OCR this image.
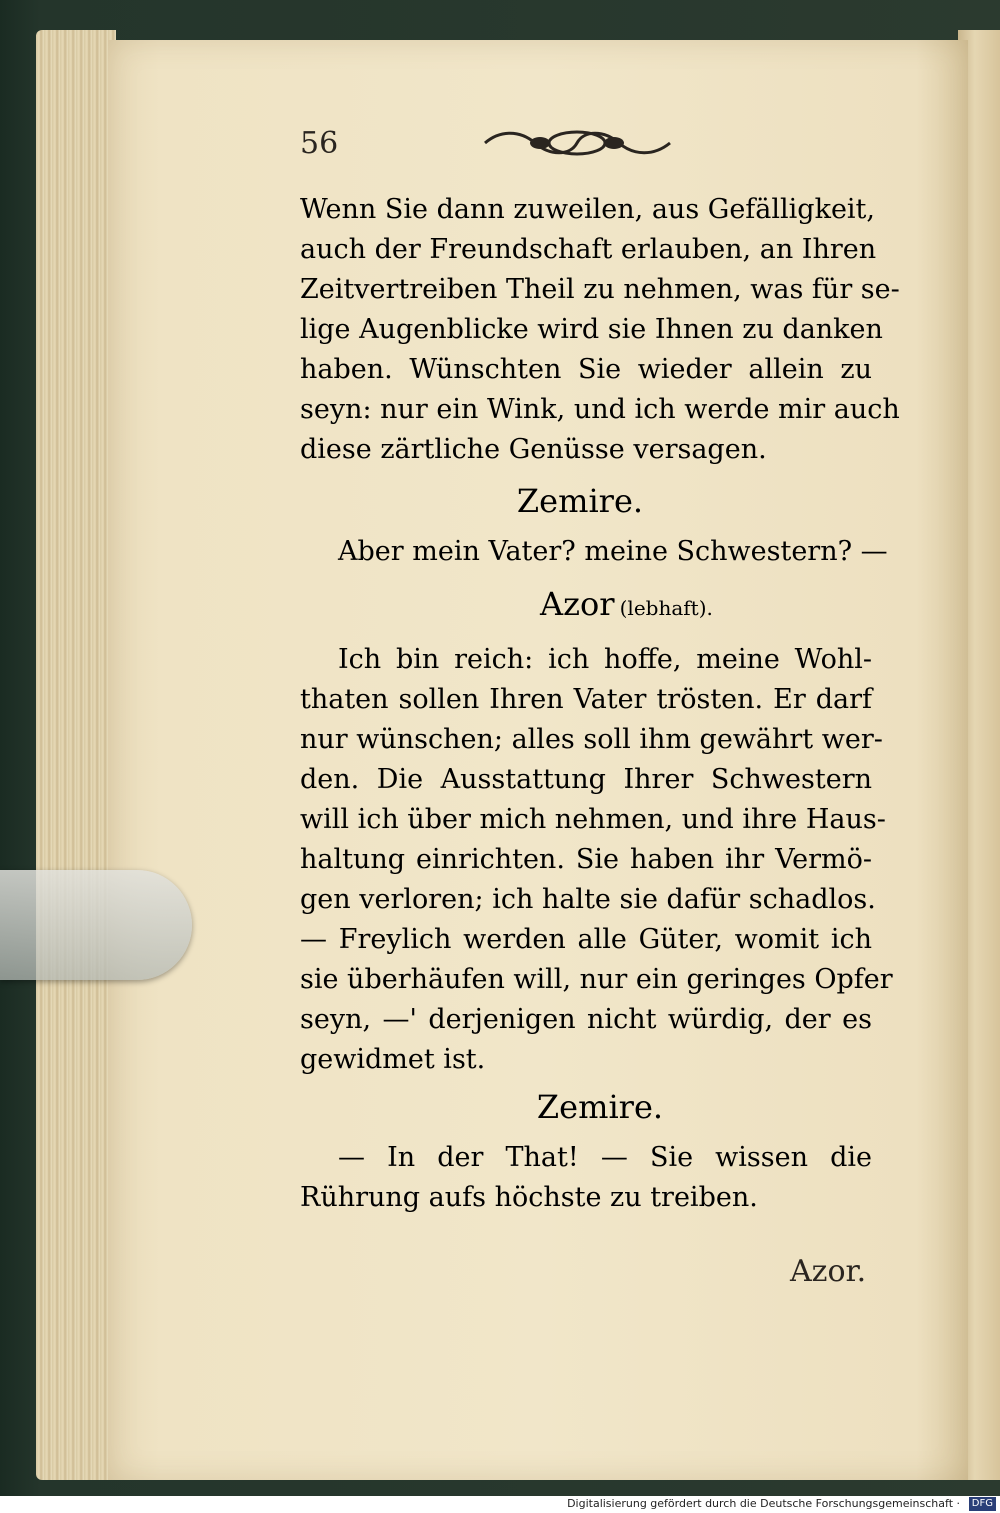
56

Wenn Sie dann zuweilen, aus Gefälligkeit,

auch der Freundschaft erlauben, an Ihren

Zeitvertreiben Theil zu nehmen, was für se-

lige Augenblicke wird sie Ihnen zu danken

haben. Wünschten Sie wieder allein zu

seyn: nur ein Wink, und ich werde mir auch

diese zärtliche Genüsse versagen.

Zemire.

Aber mein Vater? meine Schwestern? —

Azor (lebhaft).

Ich bin reich: ich hoffe, meine Wohl-

thaten sollen Ihren Vater trösten. Er darf

nur wünschen; alles soll ihm gewährt wer-

den. Die Ausstattung Ihrer Schwestern

will ich über mich nehmen, und ihre Haus-

haltung einrichten. Sie haben ihr Vermö-

gen verloren; ich halte sie dafür schadlos.

— Freylich werden alle Güter, womit ich

sie überhäufen will, nur ein geringes Opfer

seyn, —' derjenigen nicht würdig, der es

gewidmet ist.

Zemire.

— In der That! — Sie wissen die

Rührung aufs höchste zu treiben.

Azor.
Digitalisierung gefördert durch die Deutsche Forschungsgemeinschaft ·	DFG
